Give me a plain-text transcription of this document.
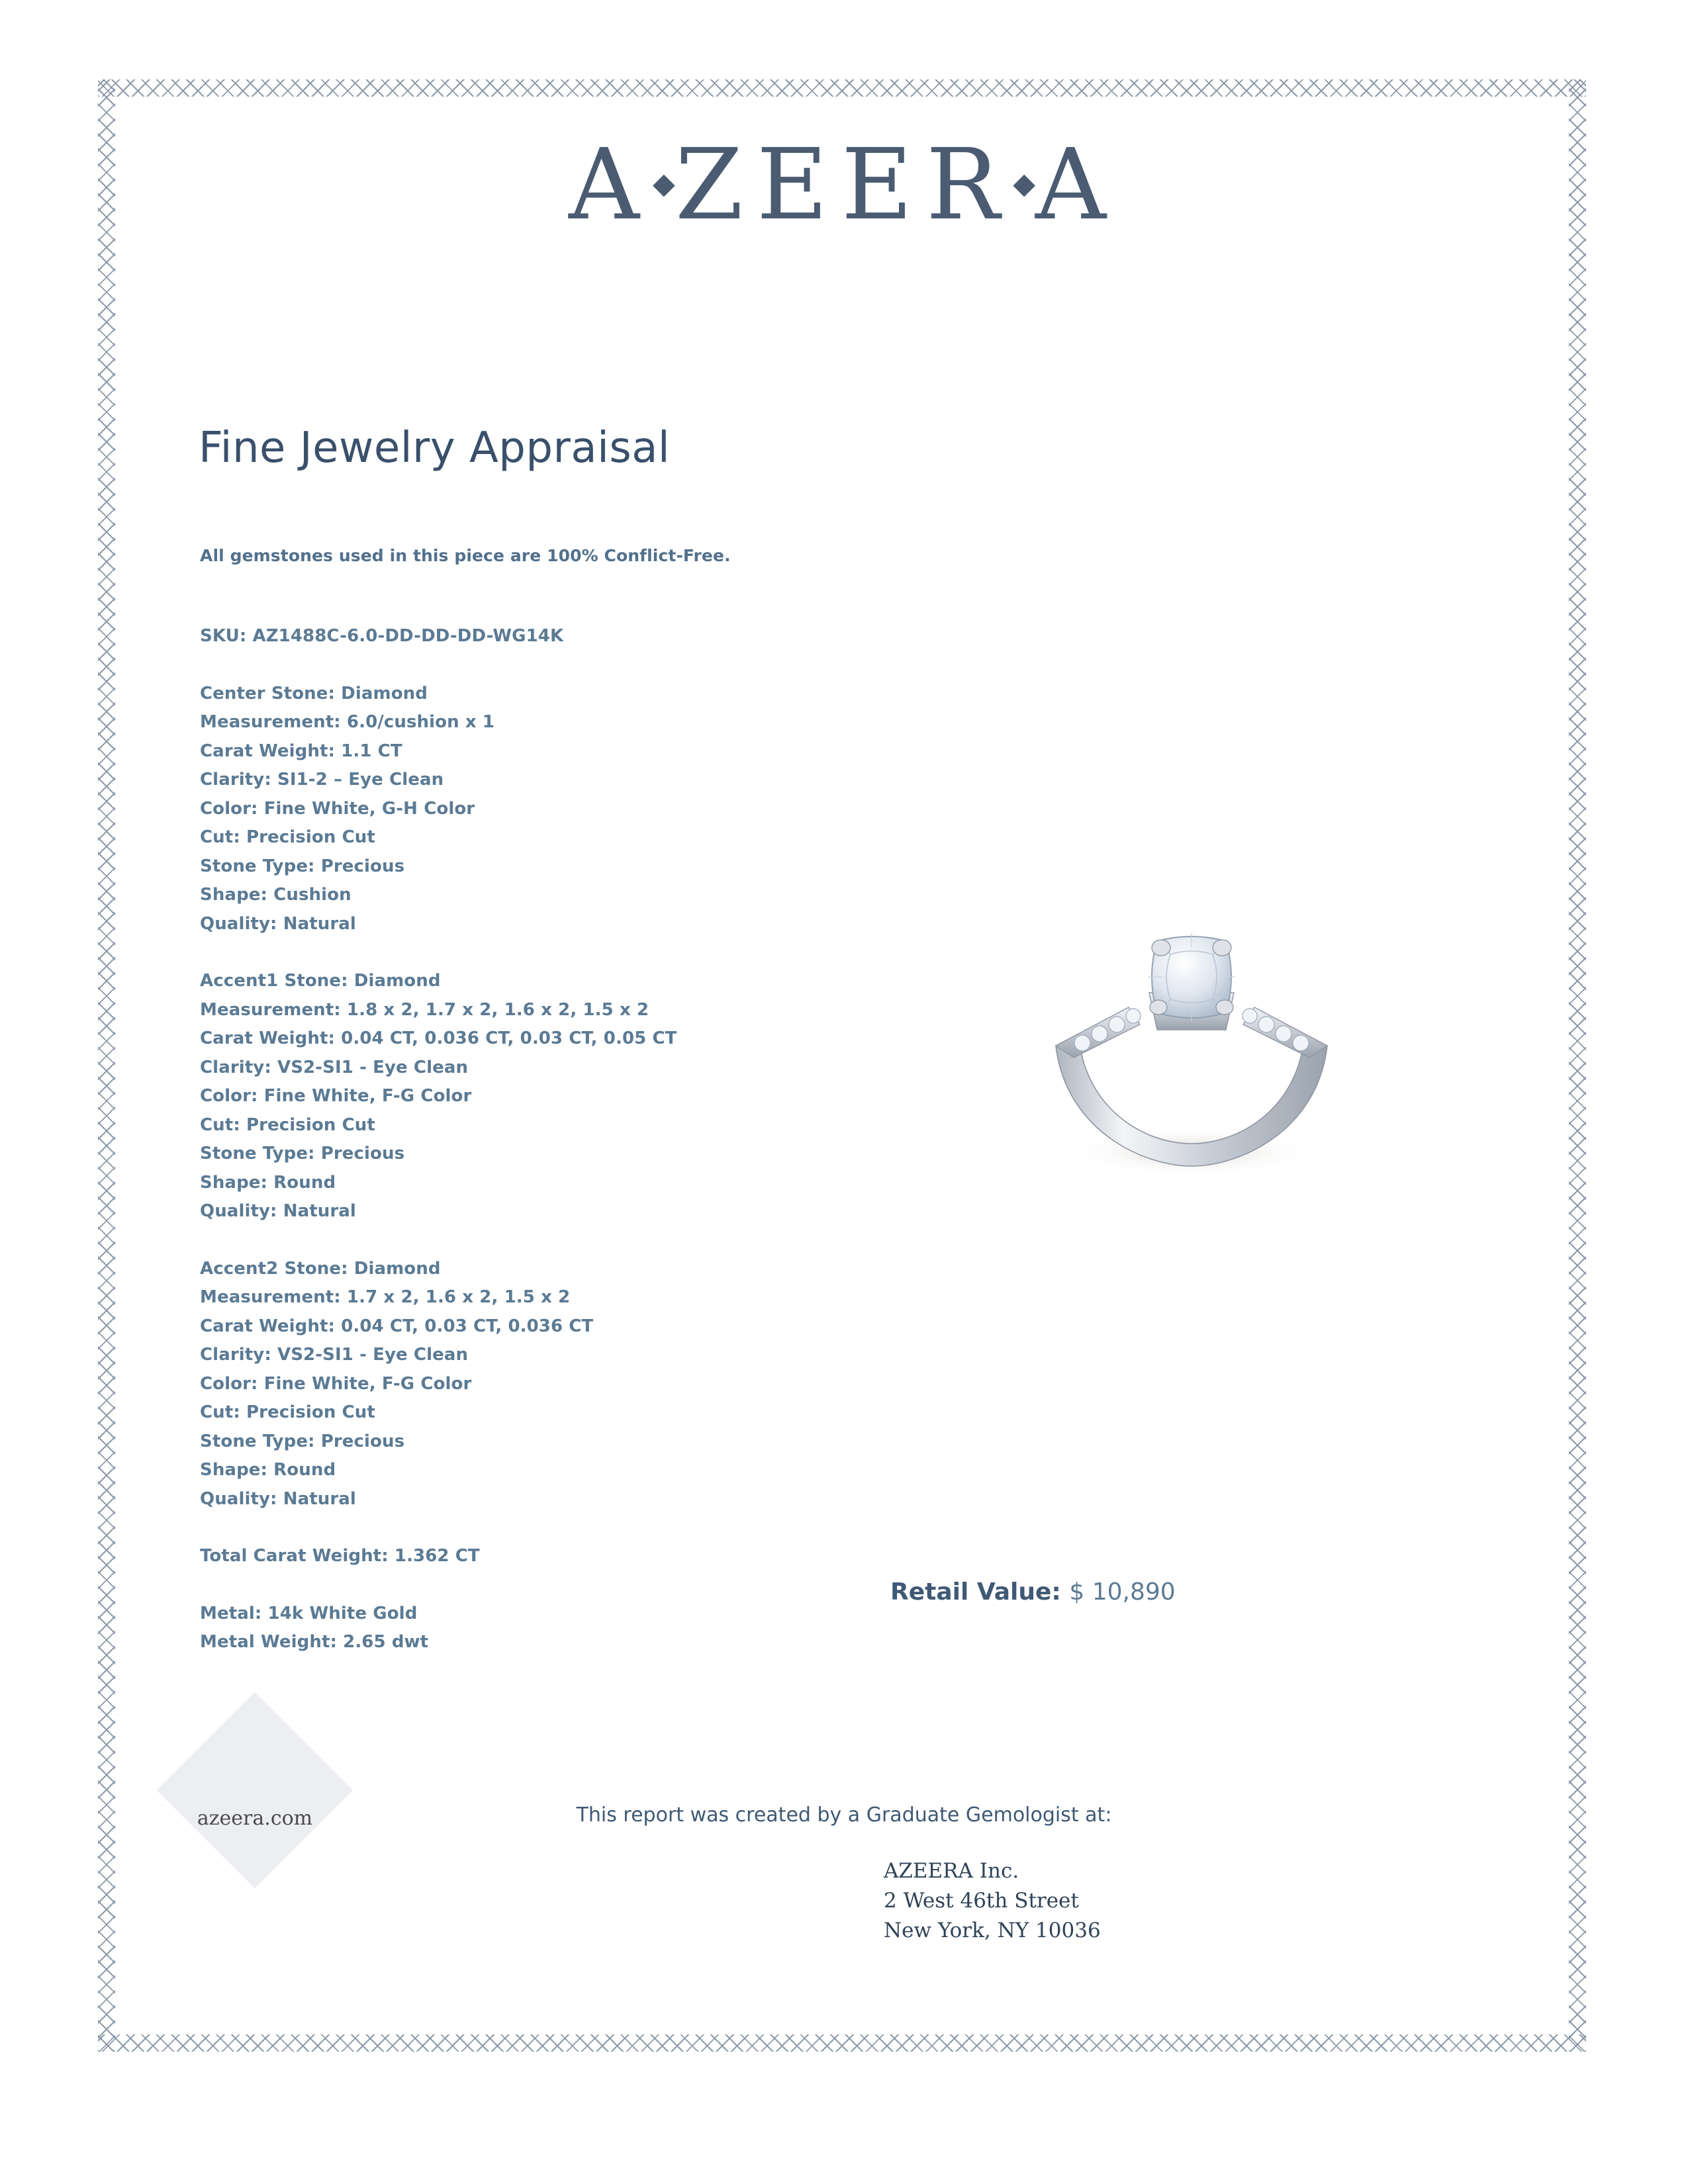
A◆ZEER◆A
Fine Jewelry Appraisal
All gemstones used in this piece are 100% Conflict-Free.
SKU: AZ1488C-6.0-DD-DD-DD-WG14K
Center Stone: Diamond
Measurement: 6.0/cushion x 1
Carat Weight: 1.1 CT
Clarity: SI1-2 – Eye Clean
Color: Fine White, G-H Color
Cut: Precision Cut
Stone Type: Precious
Shape: Cushion
Quality: Natural
Accent1 Stone: Diamond
Measurement: 1.8 x 2, 1.7 x 2, 1.6 x 2, 1.5 x 2
Carat Weight: 0.04 CT, 0.036 CT, 0.03 CT, 0.05 CT
Clarity: VS2-SI1 - Eye Clean
Color: Fine White, F-G Color
Cut: Precision Cut
Stone Type: Precious
Shape: Round
Quality: Natural
Accent2 Stone: Diamond
Measurement: 1.7 x 2, 1.6 x 2, 1.5 x 2
Carat Weight: 0.04 CT, 0.03 CT, 0.036 CT
Clarity: VS2-SI1 - Eye Clean
Color: Fine White, F-G Color
Cut: Precision Cut
Stone Type: Precious
Shape: Round
Quality: Natural
Total Carat Weight: 1.362 CT
Metal: 14k White Gold
Metal Weight: 2.65 dwt
Retail Value: $ 10,890
This report was created by a Graduate Gemologist at:
AZEERA Inc.
2 West 46th Street
New York, NY 10036
azeera.com
